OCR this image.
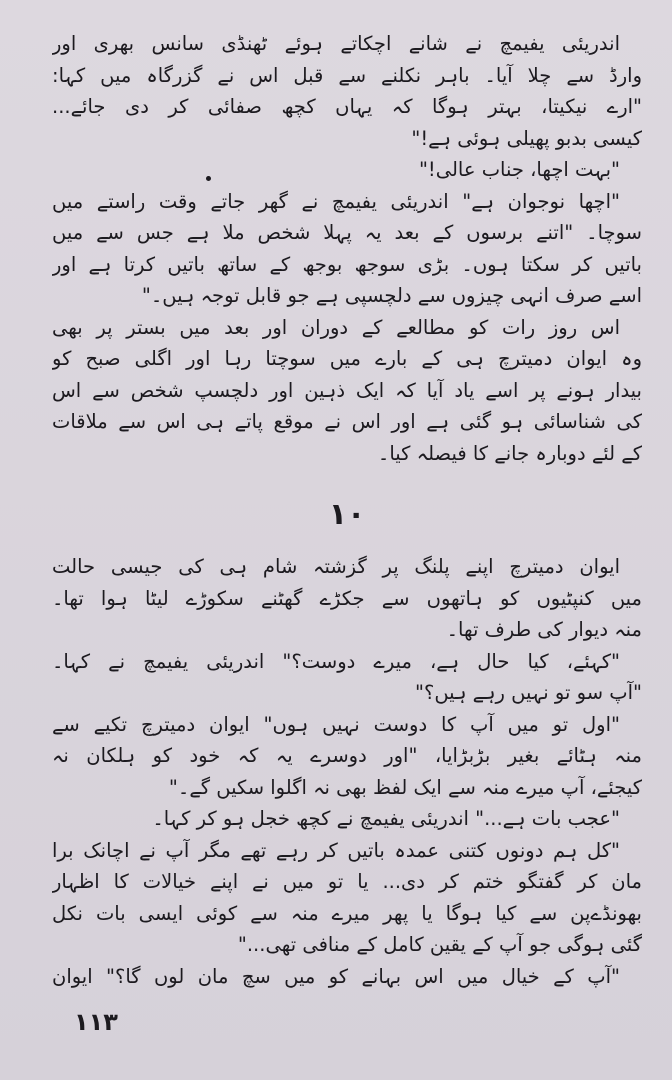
اندریئی یفیمچ نے شانے اچکاتے ہوئے ٹھنڈی سانس بھری اور
وارڈ سے چلا آیا۔ باہر نکلنے سے قبل اس نے گزرگاہ میں کہا:
"ارے نیکیتا، بہتر ہوگا کہ یہاں کچھ صفائی کر دی جائے...
کیسی بدبو پھیلی ہوئی ہے!"
"بہت اچھا، جناب عالی!"
"اچھا نوجوان ہے" اندریئی یفیمچ نے گھر جاتے وقت راستے میں
سوچا۔ "اتنے برسوں کے بعد یہ پہلا شخص ملا ہے جس سے میں
باتیں کر سکتا ہوں۔ بڑی سوجھ بوجھ کے ساتھ باتیں کرتا ہے اور
اسے صرف انہی چیزوں سے دلچسپی ہے جو قابل توجہ ہیں۔"
اس روز رات کو مطالعے کے دوران اور بعد میں بستر پر بھی
وہ ایوان دمیترچ ہی کے بارے میں سوچتا رہا اور اگلی صبح کو
بیدار ہونے پر اسے یاد آیا کہ ایک ذہین اور دلچسپ شخص سے اس
کی شناسائی ہو گئی ہے اور اس نے موقع پاتے ہی اس سے ملاقات
کے لئے دوبارہ جانے کا فیصلہ کیا۔
۱۰
ایوان دمیترچ اپنے پلنگ پر گزشتہ شام ہی کی جیسی حالت
میں کنپٹیوں کو ہاتھوں سے جکڑے گھٹنے سکوڑے لیٹا ہوا تھا۔
منہ دیوار کی طرف تھا۔
"کہئے، کیا حال ہے، میرے دوست؟" اندریئی یفیمچ نے کہا۔
"آپ سو تو نہیں رہے ہیں؟"
"اول تو میں آپ کا دوست نہیں ہوں" ایوان دمیترچ تکیے سے
منہ ہٹائے بغیر بڑبڑایا، "اور دوسرے یہ کہ خود کو ہلکان نہ
کیجئے، آپ میرے منہ سے ایک لفظ بھی نہ اگلوا سکیں گے۔"
"عجب بات ہے..." اندریئی یفیمچ نے کچھ خجل ہو کر کہا۔
"کل ہم دونوں کتنی عمدہ باتیں کر رہے تھے مگر آپ نے اچانک برا
مان کر گفتگو ختم کر دی... یا تو میں نے اپنے خیالات کا اظہار
بھونڈےپن سے کیا ہوگا یا پھر میرے منہ سے کوئی ایسی بات نکل
گئی ہوگی جو آپ کے یقین کامل کے منافی تھی..."
"آپ کے خیال میں اس بہانے کو میں سچ مان لوں گا؟" ایوان
۱۱۳
